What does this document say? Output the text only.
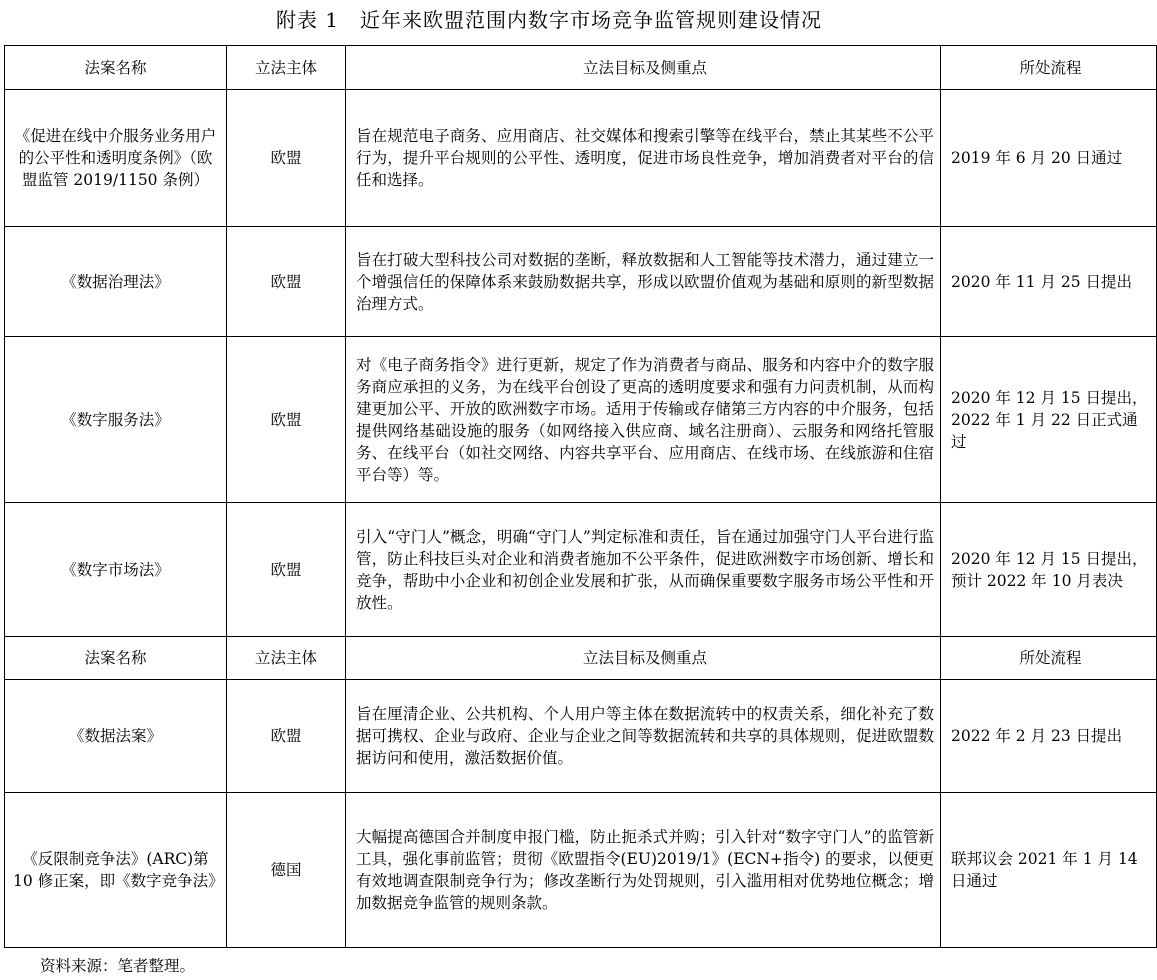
附表 1　近年来欧盟范围内数字市场竞争监管规则建设情况
法案名称	立法主体	立法目标及侧重点	所处流程
《促进在线中介服务业务用户的公平性和透明度条例》（欧盟监管 2019/1150 条例）	欧盟	旨在规范电子商务、应用商店、社交媒体和搜索引擎等在线平台，禁止其某些不公平行为，提升平台规则的公平性、透明度，促进市场良性竞争，增加消费者对平台的信任和选择。	2019 年 6 月 20 日通过
《数据治理法》	欧盟	旨在打破大型科技公司对数据的垄断，释放数据和人工智能等技术潜力，通过建立一个增强信任的保障体系来鼓励数据共享，形成以欧盟价值观为基础和原则的新型数据治理方式。	2020 年 11 月 25 日提出
《数字服务法》	欧盟	对《电子商务指令》进行更新，规定了作为消费者与商品、服务和内容中介的数字服务商应承担的义务，为在线平台创设了更高的透明度要求和强有力问责机制，从而构建更加公平、开放的欧洲数字市场。适用于传输或存储第三方内容的中介服务，包括提供网络基础设施的服务（如网络接入供应商、域名注册商）、云服务和网络托管服务、在线平台（如社交网络、内容共享平台、应用商店、在线市场、在线旅游和住宿平台等）等。	2020 年 12 月 15 日提出，2022 年 1 月 22 日正式通过
《数字市场法》	欧盟	引入“守门人”概念，明确“守门人”判定标准和责任，旨在通过加强守门人平台进行监管，防止科技巨头对企业和消费者施加不公平条件，促进欧洲数字市场创新、增长和竞争，帮助中小企业和初创企业发展和扩张，从而确保重要数字服务市场公平性和开放性。	2020 年 12 月 15 日提出，预计 2022 年 10 月表决
法案名称	立法主体	立法目标及侧重点	所处流程
《数据法案》	欧盟	旨在厘清企业、公共机构、个人用户等主体在数据流转中的权责关系，细化补充了数据可携权、企业与政府、企业与企业之间等数据流转和共享的具体规则，促进欧盟数据访问和使用，激活数据价值。	2022 年 2 月 23 日提出
《反限制竞争法》(ARC)第 10 修正案，即《数字竞争法》	德国	大幅提高德国合并制度申报门槛，防止扼杀式并购；引入针对“数字守门人”的监管新工具，强化事前监管；贯彻《欧盟指令(EU)2019/1》(ECN+指令) 的要求，以便更有效地调查限制竞争行为；修改垄断行为处罚规则，引入滥用相对优势地位概念；增加数据竞争监管的规则条款。	联邦议会 2021 年 1 月 14 日通过
资料来源：笔者整理。
